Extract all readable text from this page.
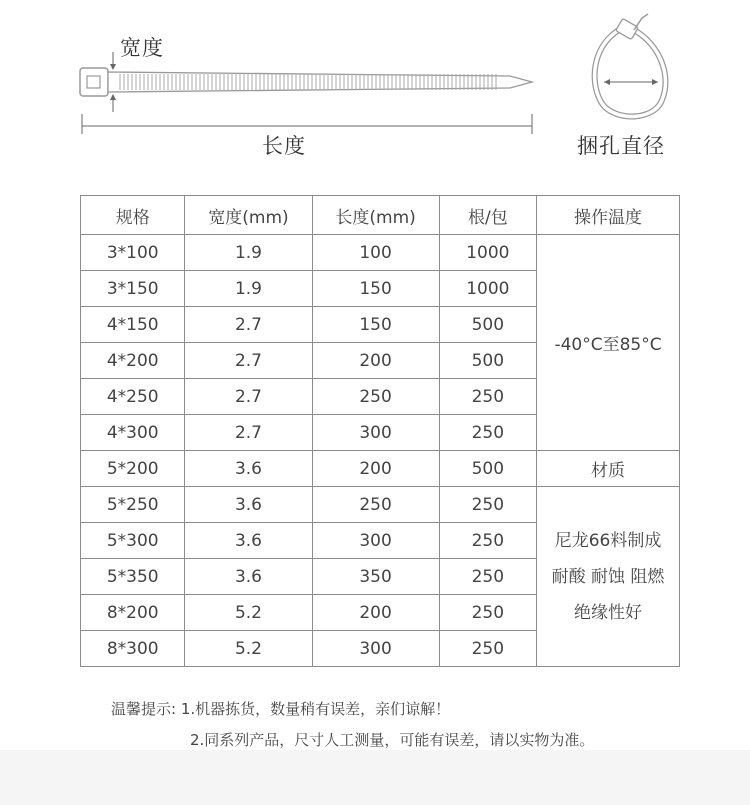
宽度
长度	捆孔直径
规格	宽度(mm)	长度(mm)	根/包	操作温度
3*100	1.9	100	1000	-40°C至85°C
3*150	1.9	150	1000	
4*150	2.7	150	500	
4*200	2.7	200	500	
4*250	2.7	250	250	
4*300	2.7	300	250	
5*200	3.6	200	500	材质
5*250	3.6	250	250	尼龙66料制成
耐酸 耐蚀 阻燃
绝缘性好

5*300	3.6	300	250	
5*350	3.6	350	250	
8*200	5.2	200	250	
8*300	5.2	300	250	
温馨提示: 1.机器拣货，数量稍有误差，亲们谅解！
2.同系列产品，尺寸人工测量，可能有误差，请以实物为准。
